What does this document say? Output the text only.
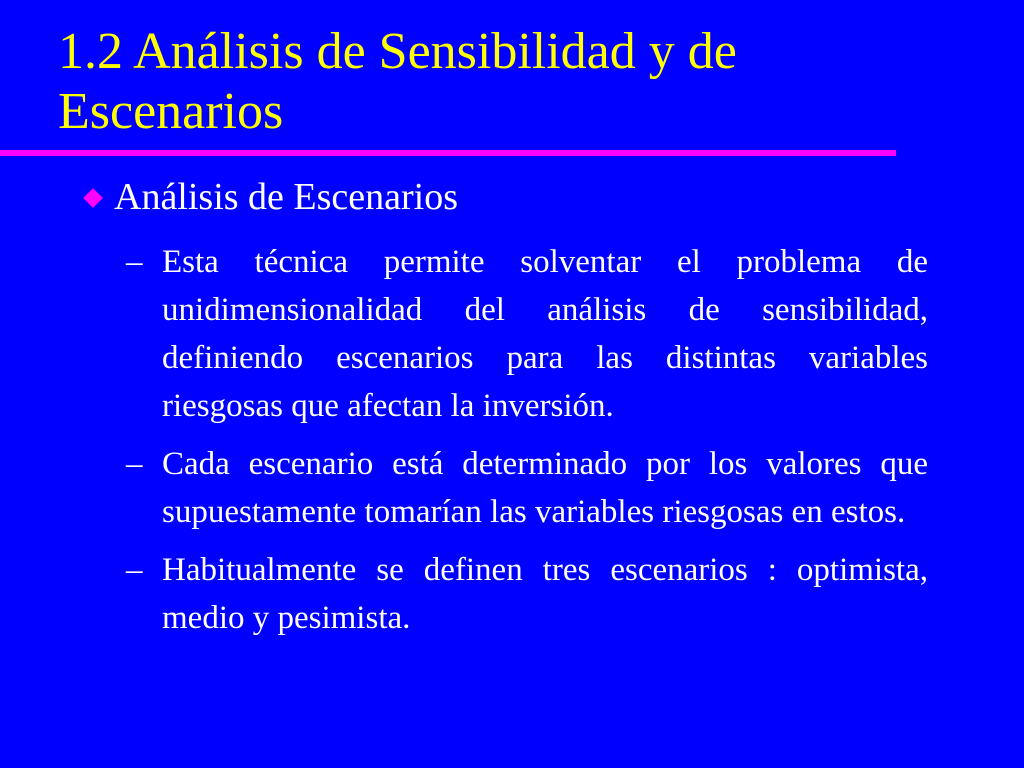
1.2 Análisis de Sensibilidad y de
Escenarios
Análisis de Escenarios
– Esta técnica permite solventar el problema de unidimensionalidad del análisis de sensibilidad, definiendo escenarios para las distintas variables riesgosas que afectan la inversión.
– Cada escenario está determinado por los valores que supuestamente tomarían las variables riesgosas en estos.
– Habitualmente se definen tres escenarios : optimista, medio y pesimista.
